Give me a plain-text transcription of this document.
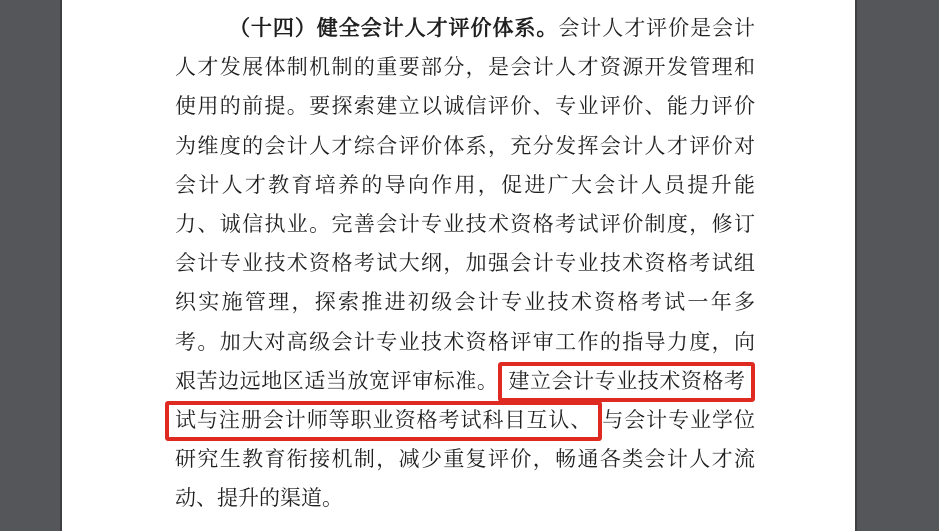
（十四）健全会计人才评价体系。会计人才评价是会计
人才发展体制机制的重要部分，是会计人才资源开发管理和
使用的前提。要探索建立以诚信评价、专业评价、能力评价
为维度的会计人才综合评价体系，充分发挥会计人才评价对
会计人才教育培养的导向作用，促进广大会计人员提升能
力、诚信执业。完善会计专业技术资格考试评价制度，修订
会计专业技术资格考试大纲，加强会计专业技术资格考试组
织实施管理，探索推进初级会计专业技术资格考试一年多
考。加大对高级会计专业技术资格评审工作的指导力度，向
艰苦边远地区适当放宽评审标准。 建立会计专业技术资格考
试与注册会计师等职业资格考试科目互认、 与会计专业学位
研究生教育衔接机制，减少重复评价，畅通各类会计人才流
动、提升的渠道。
